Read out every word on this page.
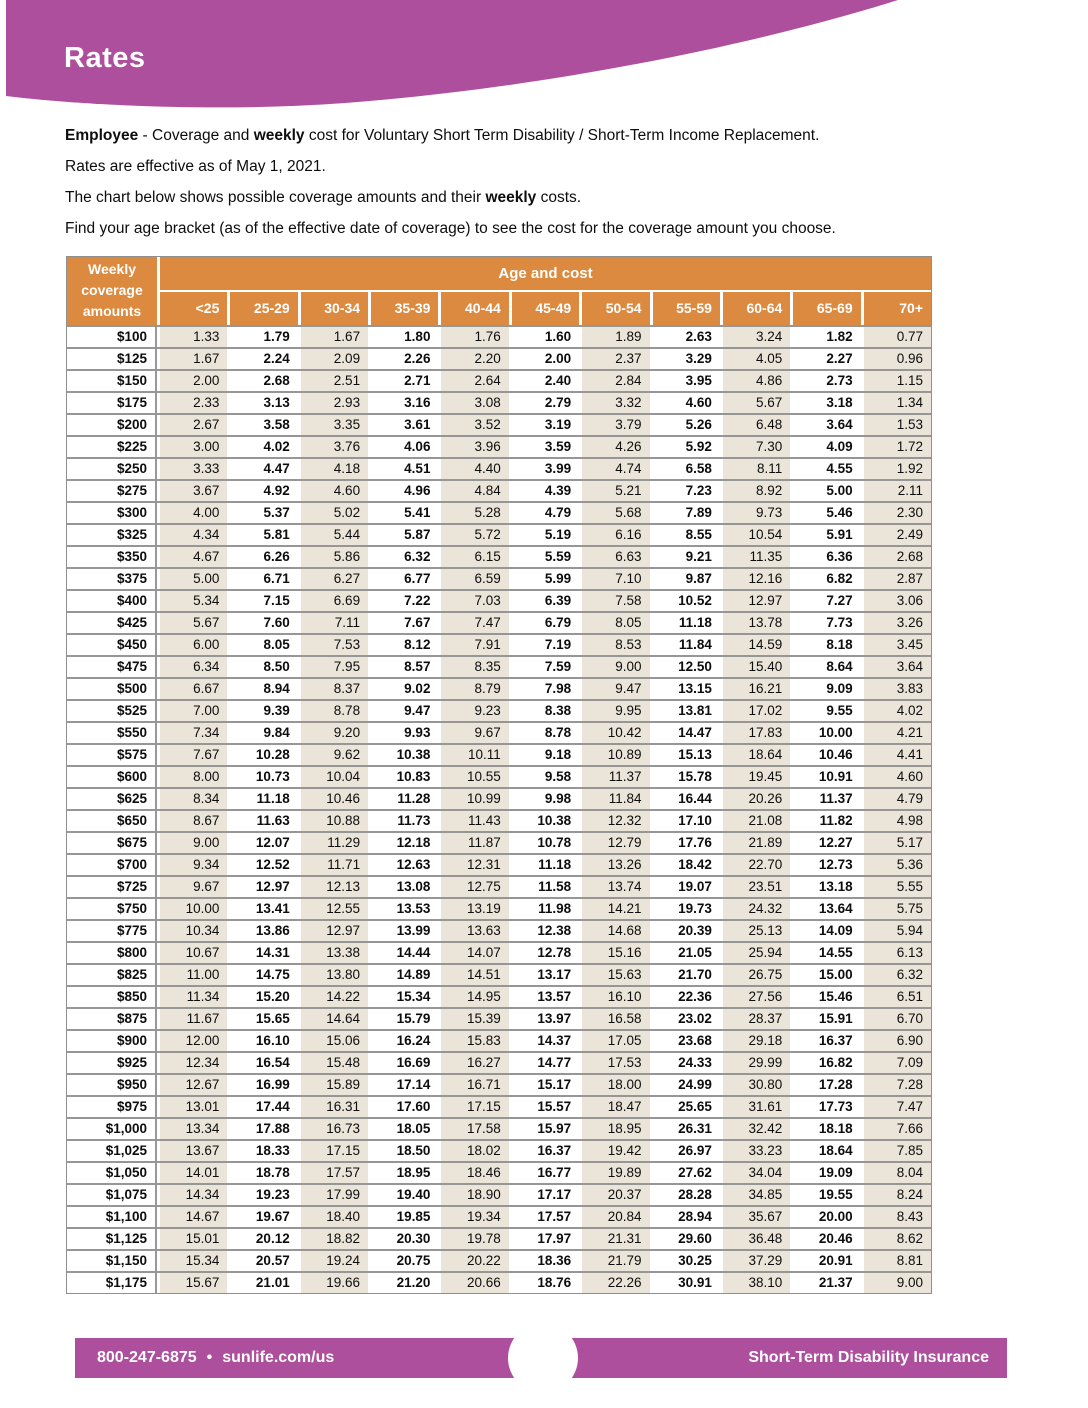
Rates

Employee - Coverage and weekly cost for Voluntary Short Term Disability / Short-Term Income Replacement.

Rates are effective as of May 1, 2021.

The chart below shows possible coverage amounts and their weekly costs.

Find your age bracket (as of the effective date of coverage) to see the cost for the coverage amount you choose.

Weekly
coverage
amounts
Age and cost
<25	25-29	30-34	35-39	40-44	45-49	50-54	55-59	60-64	65-69	70+
$100	1.33	1.79	1.67	1.80	1.76	1.60	1.89	2.63	3.24	1.82	0.77
$125	1.67	2.24	2.09	2.26	2.20	2.00	2.37	3.29	4.05	2.27	0.96
$150	2.00	2.68	2.51	2.71	2.64	2.40	2.84	3.95	4.86	2.73	1.15
$175	2.33	3.13	2.93	3.16	3.08	2.79	3.32	4.60	5.67	3.18	1.34
$200	2.67	3.58	3.35	3.61	3.52	3.19	3.79	5.26	6.48	3.64	1.53
$225	3.00	4.02	3.76	4.06	3.96	3.59	4.26	5.92	7.30	4.09	1.72
$250	3.33	4.47	4.18	4.51	4.40	3.99	4.74	6.58	8.11	4.55	1.92
$275	3.67	4.92	4.60	4.96	4.84	4.39	5.21	7.23	8.92	5.00	2.11
$300	4.00	5.37	5.02	5.41	5.28	4.79	5.68	7.89	9.73	5.46	2.30
$325	4.34	5.81	5.44	5.87	5.72	5.19	6.16	8.55	10.54	5.91	2.49
$350	4.67	6.26	5.86	6.32	6.15	5.59	6.63	9.21	11.35	6.36	2.68
$375	5.00	6.71	6.27	6.77	6.59	5.99	7.10	9.87	12.16	6.82	2.87
$400	5.34	7.15	6.69	7.22	7.03	6.39	7.58	10.52	12.97	7.27	3.06
$425	5.67	7.60	7.11	7.67	7.47	6.79	8.05	11.18	13.78	7.73	3.26
$450	6.00	8.05	7.53	8.12	7.91	7.19	8.53	11.84	14.59	8.18	3.45
$475	6.34	8.50	7.95	8.57	8.35	7.59	9.00	12.50	15.40	8.64	3.64
$500	6.67	8.94	8.37	9.02	8.79	7.98	9.47	13.15	16.21	9.09	3.83
$525	7.00	9.39	8.78	9.47	9.23	8.38	9.95	13.81	17.02	9.55	4.02
$550	7.34	9.84	9.20	9.93	9.67	8.78	10.42	14.47	17.83	10.00	4.21
$575	7.67	10.28	9.62	10.38	10.11	9.18	10.89	15.13	18.64	10.46	4.41
$600	8.00	10.73	10.04	10.83	10.55	9.58	11.37	15.78	19.45	10.91	4.60
$625	8.34	11.18	10.46	11.28	10.99	9.98	11.84	16.44	20.26	11.37	4.79
$650	8.67	11.63	10.88	11.73	11.43	10.38	12.32	17.10	21.08	11.82	4.98
$675	9.00	12.07	11.29	12.18	11.87	10.78	12.79	17.76	21.89	12.27	5.17
$700	9.34	12.52	11.71	12.63	12.31	11.18	13.26	18.42	22.70	12.73	5.36
$725	9.67	12.97	12.13	13.08	12.75	11.58	13.74	19.07	23.51	13.18	5.55
$750	10.00	13.41	12.55	13.53	13.19	11.98	14.21	19.73	24.32	13.64	5.75
$775	10.34	13.86	12.97	13.99	13.63	12.38	14.68	20.39	25.13	14.09	5.94
$800	10.67	14.31	13.38	14.44	14.07	12.78	15.16	21.05	25.94	14.55	6.13
$825	11.00	14.75	13.80	14.89	14.51	13.17	15.63	21.70	26.75	15.00	6.32
$850	11.34	15.20	14.22	15.34	14.95	13.57	16.10	22.36	27.56	15.46	6.51
$875	11.67	15.65	14.64	15.79	15.39	13.97	16.58	23.02	28.37	15.91	6.70
$900	12.00	16.10	15.06	16.24	15.83	14.37	17.05	23.68	29.18	16.37	6.90
$925	12.34	16.54	15.48	16.69	16.27	14.77	17.53	24.33	29.99	16.82	7.09
$950	12.67	16.99	15.89	17.14	16.71	15.17	18.00	24.99	30.80	17.28	7.28
$975	13.01	17.44	16.31	17.60	17.15	15.57	18.47	25.65	31.61	17.73	7.47
$1,000	13.34	17.88	16.73	18.05	17.58	15.97	18.95	26.31	32.42	18.18	7.66
$1,025	13.67	18.33	17.15	18.50	18.02	16.37	19.42	26.97	33.23	18.64	7.85
$1,050	14.01	18.78	17.57	18.95	18.46	16.77	19.89	27.62	34.04	19.09	8.04
$1,075	14.34	19.23	17.99	19.40	18.90	17.17	20.37	28.28	34.85	19.55	8.24
$1,100	14.67	19.67	18.40	19.85	19.34	17.57	20.84	28.94	35.67	20.00	8.43
$1,125	15.01	20.12	18.82	20.30	19.78	17.97	21.31	29.60	36.48	20.46	8.62
$1,150	15.34	20.57	19.24	20.75	20.22	18.36	21.79	30.25	37.29	20.91	8.81
$1,175	15.67	21.01	19.66	21.20	20.66	18.76	22.26	30.91	38.10	21.37	9.00
800-247-6875 • sunlife.com/us	Short-Term Disability Insurance
